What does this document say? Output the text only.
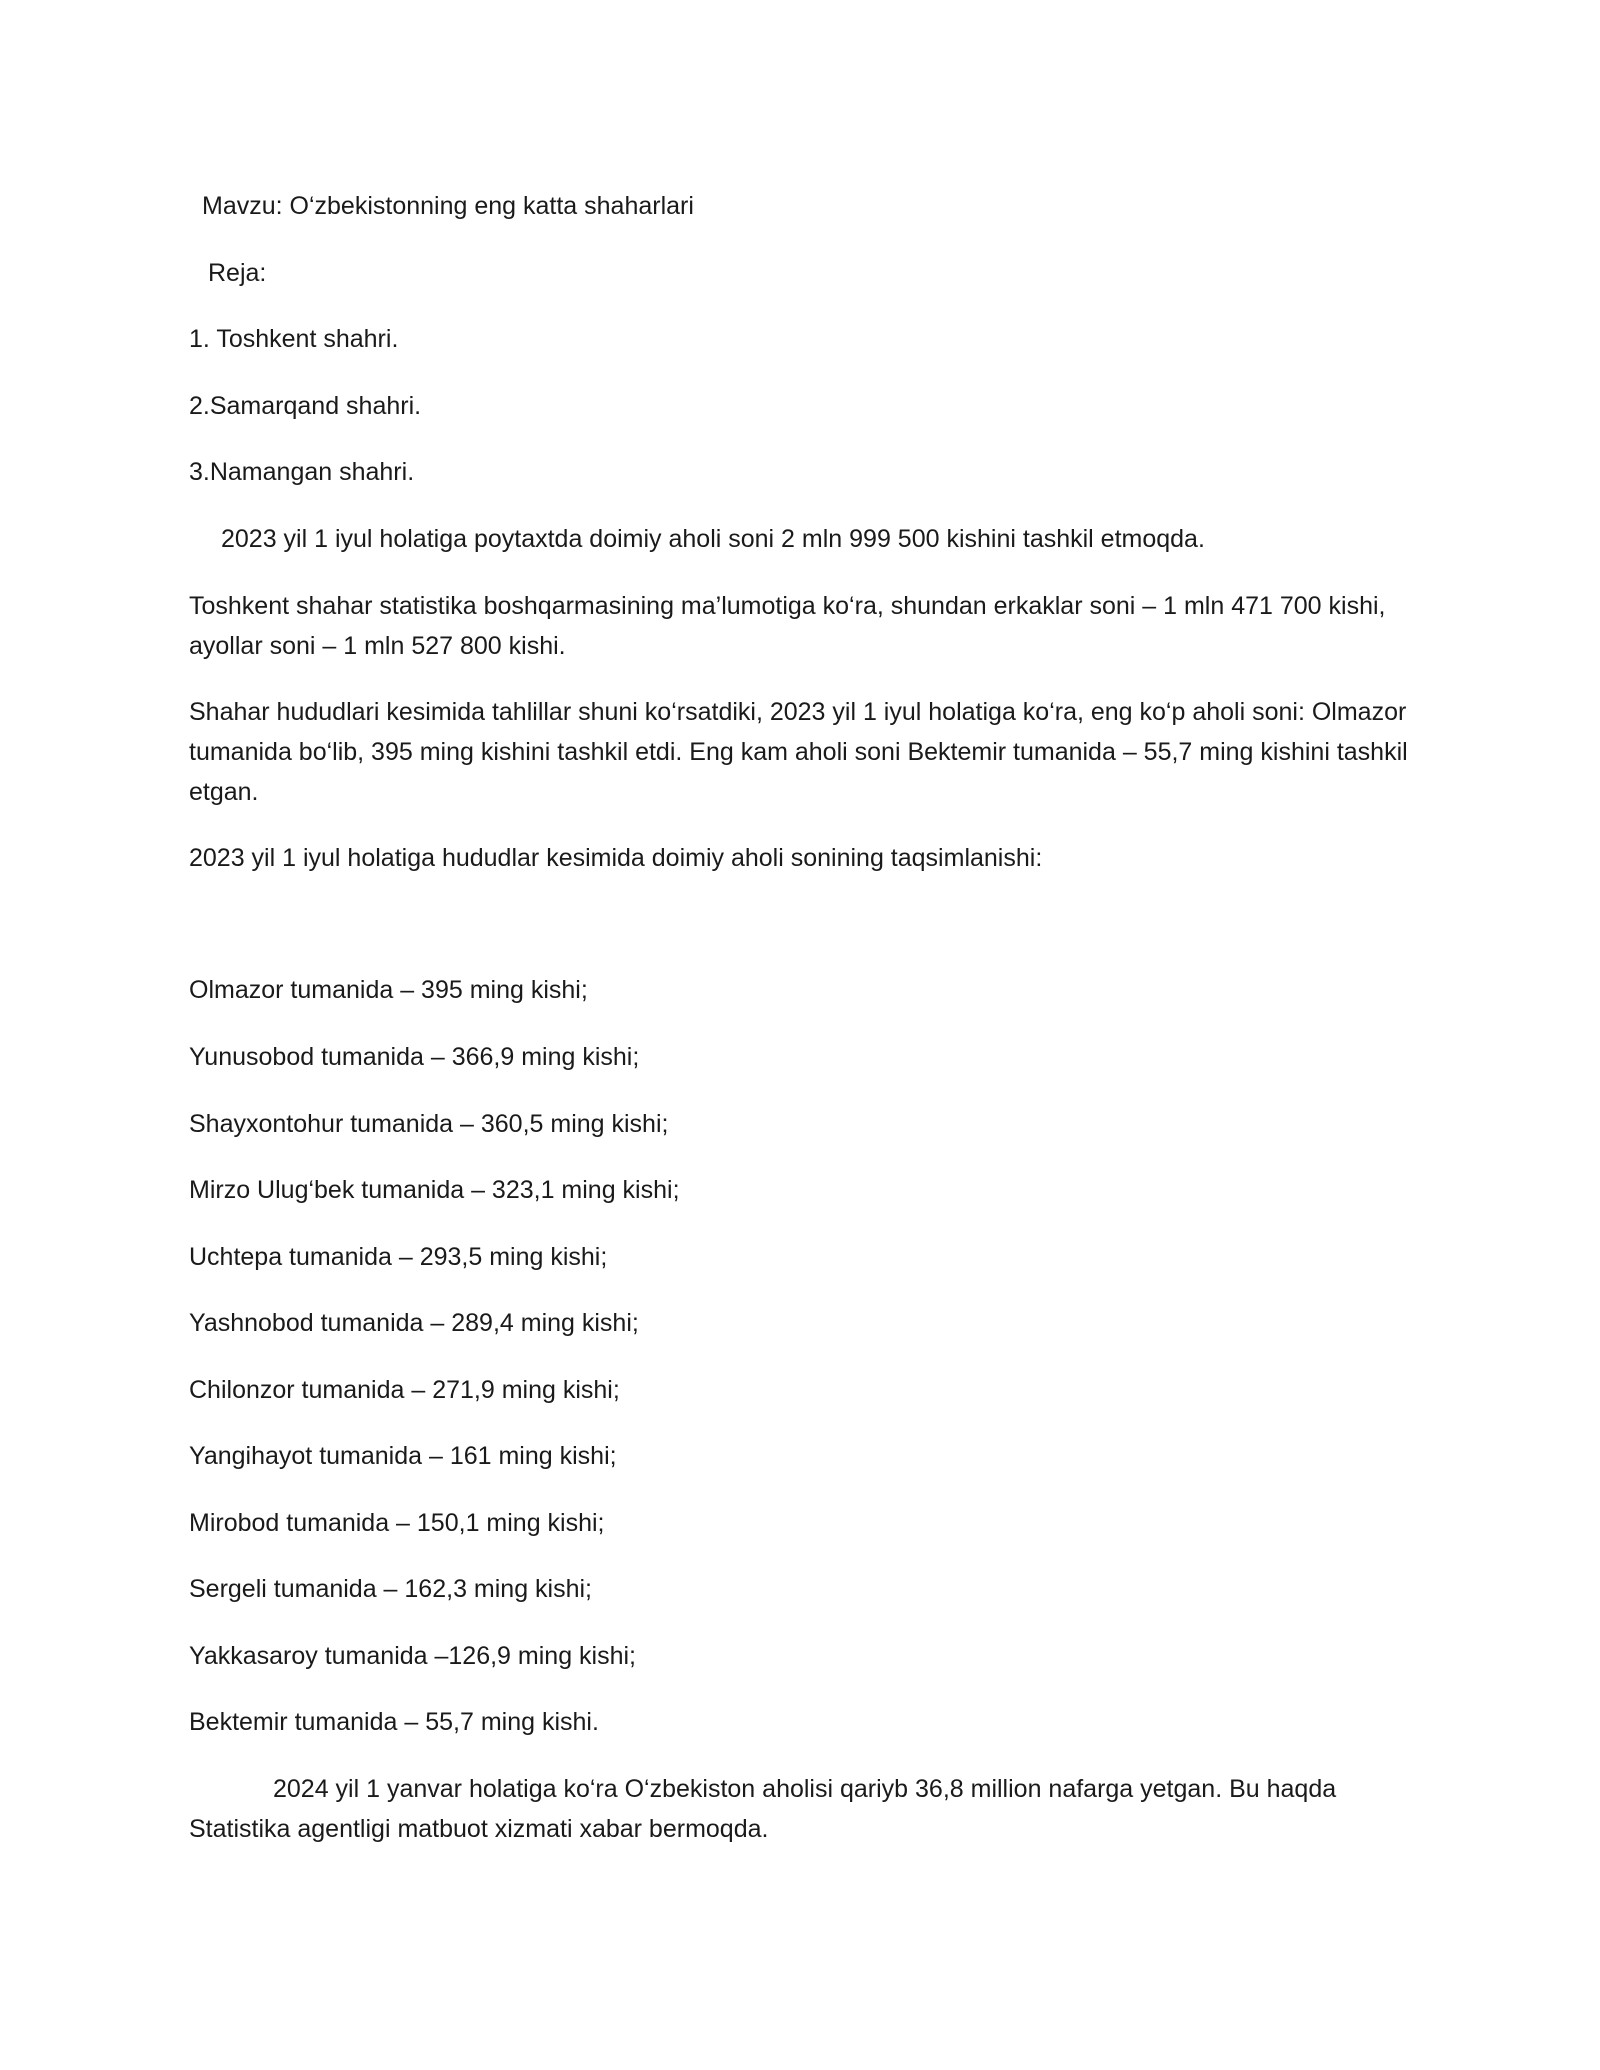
Mavzu: O‘zbekistonning eng katta shaharlari
Reja:
1. Toshkent shahri.
2.Samarqand shahri.
3.Namangan shahri.
2023 yil 1 iyul holatiga poytaxtda doimiy aholi soni 2 mln 999 500 kishini tashkil etmoqda.
Toshkent shahar statistika boshqarmasining ma’lumotiga ko‘ra, shundan erkaklar soni – 1 mln 471 700 kishi, ayollar soni – 1 mln 527 800 kishi.
Shahar hududlari kesimida tahlillar shuni ko‘rsatdiki, 2023 yil 1 iyul holatiga ko‘ra, eng ko‘p aholi soni: Olmazor tumanida bo‘lib, 395 ming kishini tashkil etdi. Eng kam aholi soni Bektemir tumanida – 55,7 ming kishini tashkil etgan.
2023 yil 1 iyul holatiga hududlar kesimida doimiy aholi sonining taqsimlanishi:
Olmazor tumanida – 395 ming kishi;
Yunusobod tumanida – 366,9 ming kishi;
Shayxontohur tumanida – 360,5 ming kishi;
Mirzo Ulug‘bek tumanida – 323,1 ming kishi;
Uchtepa tumanida – 293,5 ming kishi;
Yashnobod tumanida – 289,4 ming kishi;
Chilonzor tumanida – 271,9 ming kishi;
Yangihayot tumanida – 161 ming kishi;
Mirobod tumanida – 150,1 ming kishi;
Sergeli tumanida – 162,3 ming kishi;
Yakkasaroy tumanida –126,9 ming kishi;
Bektemir tumanida – 55,7 ming kishi.
2024 yil 1 yanvar holatiga ko‘ra O‘zbekiston aholisi qariyb 36,8 million nafarga yetgan. Bu haqda Statistika agentligi matbuot xizmati xabar bermoqda.
